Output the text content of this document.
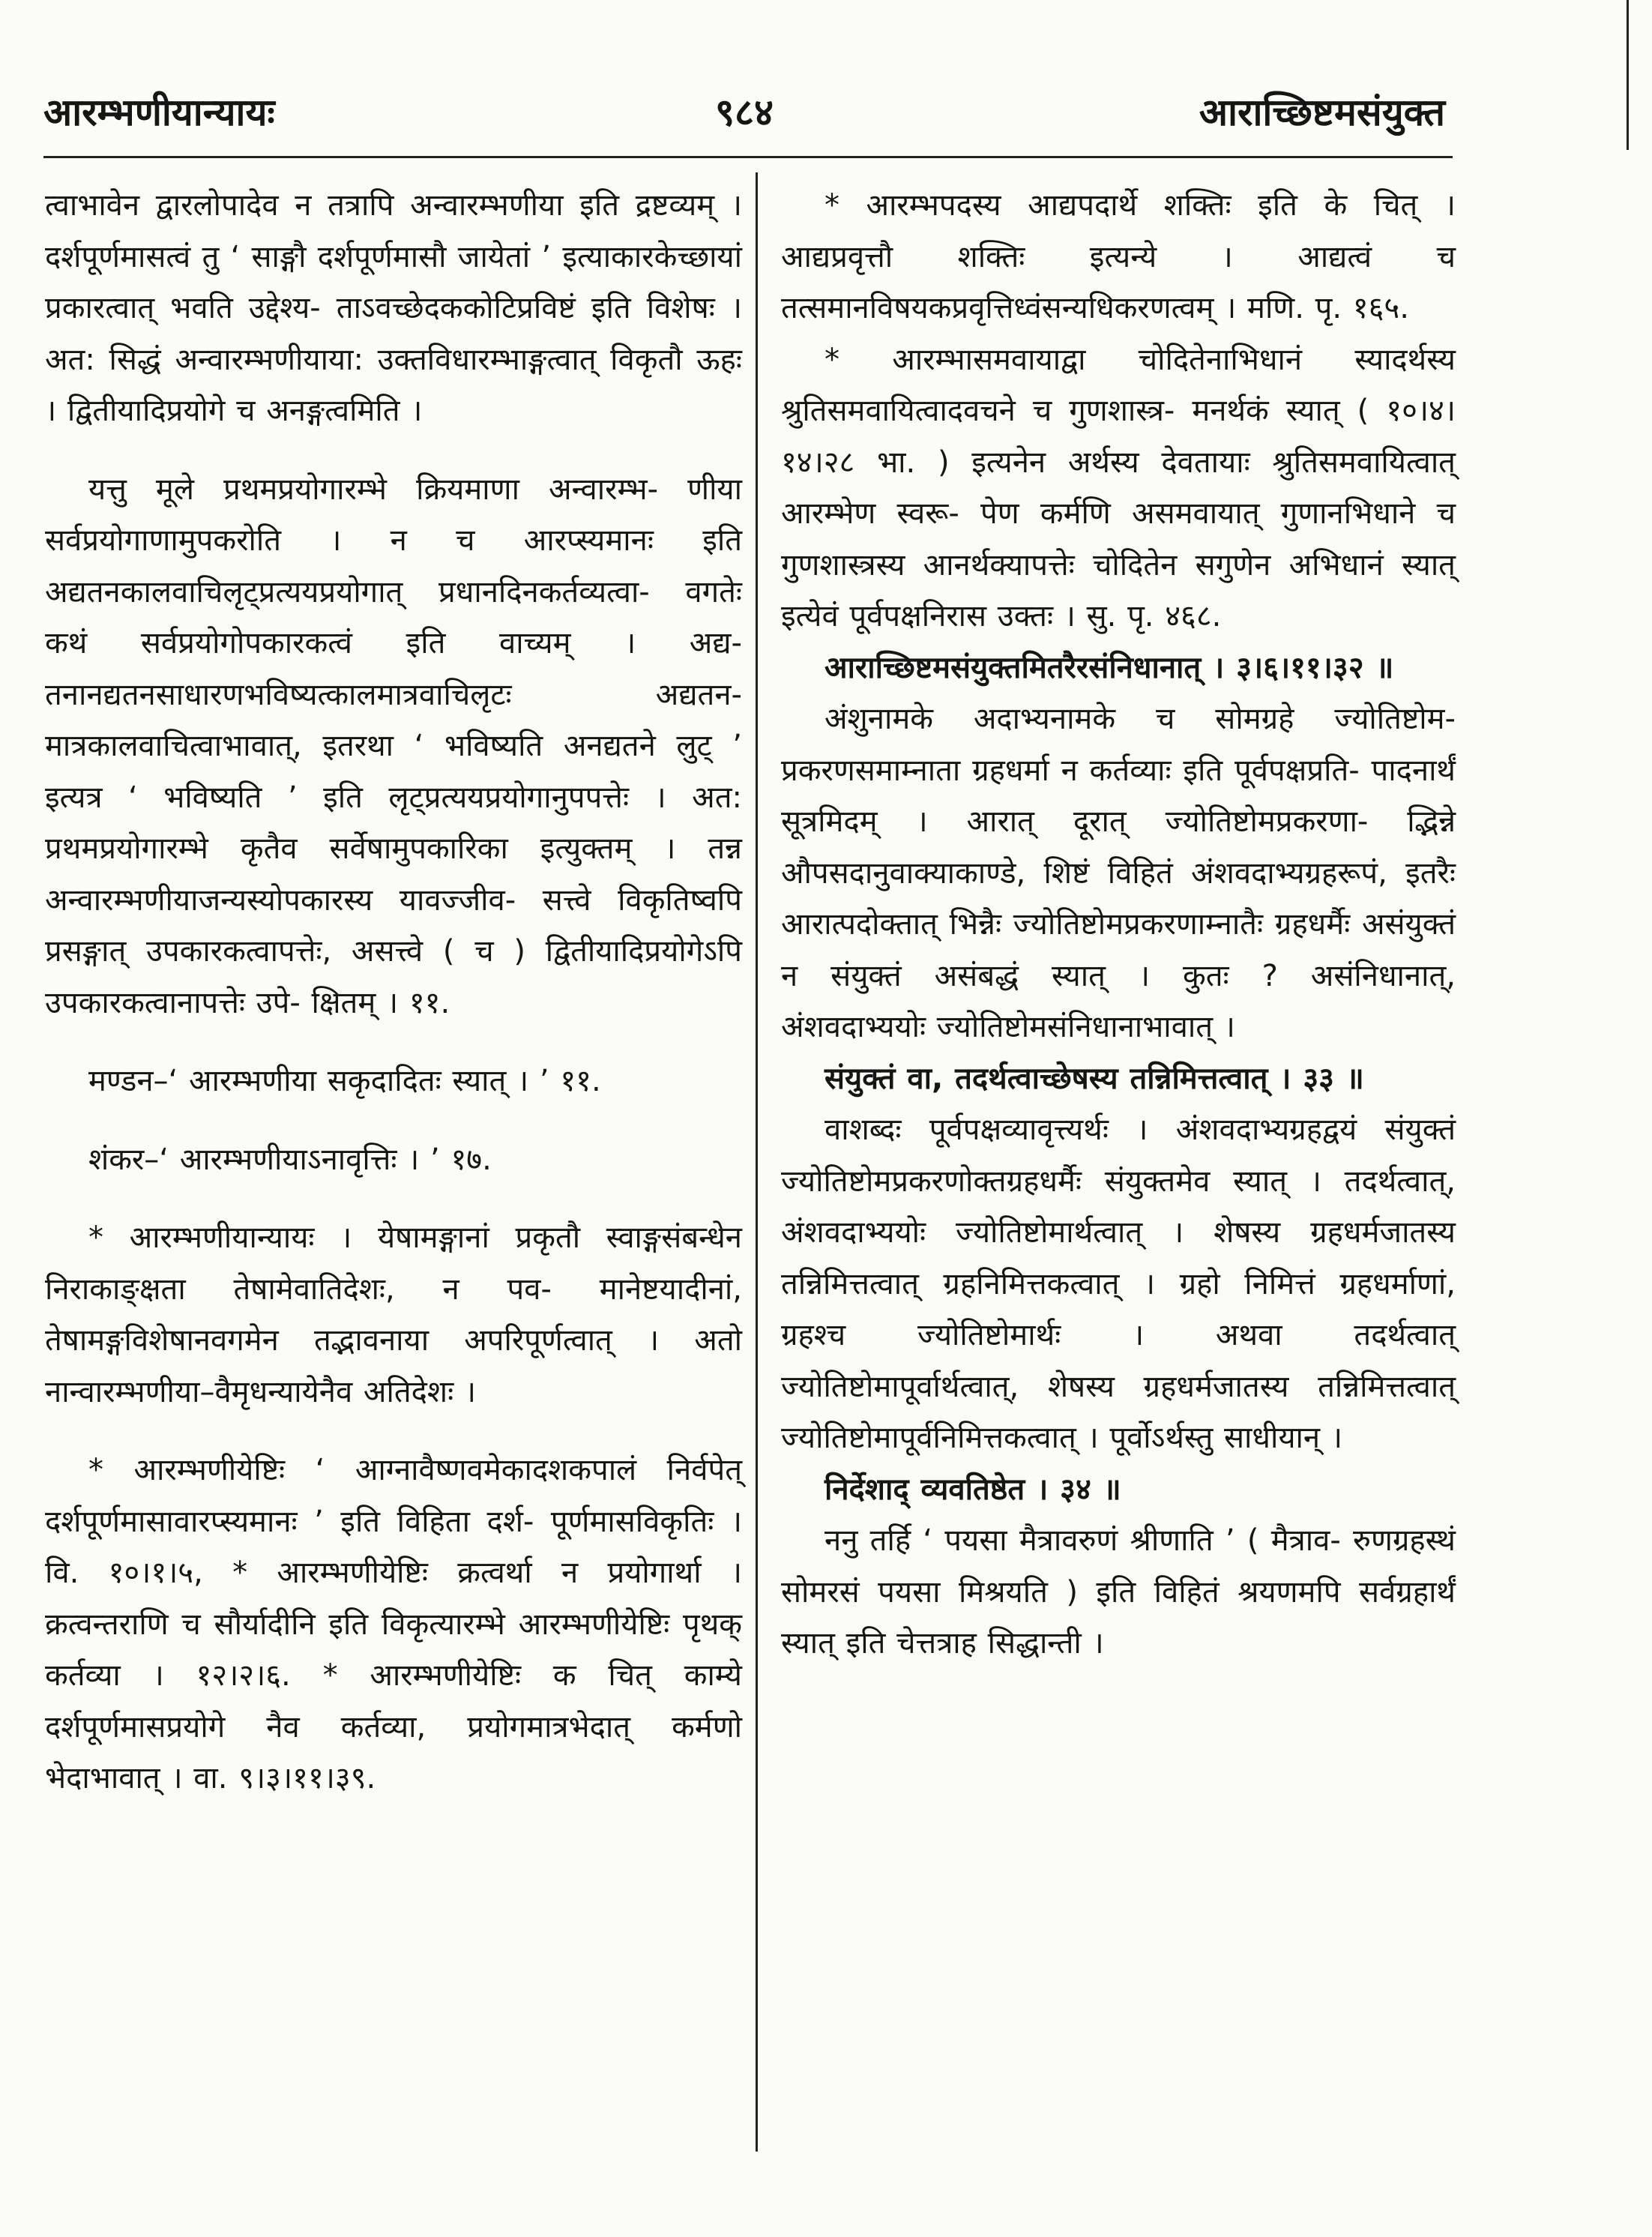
आरम्भणीयान्यायः	९८४	आराच्छिष्टमसंयुक्त

त्वाभावेन द्वारलोपादेव न तत्रापि अन्वारम्भणीया इति द्रष्टव्यम् । दर्शपूर्णमासत्वं तु ‘ साङ्गौ दर्शपूर्णमासौ जायेतां ’ इत्याकारकेच्छायां प्रकारत्वात् भवति उद्देश्य- ताऽवच्छेदककोटिप्रविष्टं इति विशेषः । अत: सिद्धं अन्वारम्भणीयाया: उक्तविधारम्भाङ्गत्वात् विकृतौ ऊहः । द्वितीयादिप्रयोगे च अनङ्गत्वमिति ।

यत्तु मूले प्रथमप्रयोगारम्भे क्रियमाणा अन्वारम्भ- णीया सर्वप्रयोगाणामुपकरोति । न च आरप्स्यमानः इति अद्यतनकालवाचिलृट्प्रत्ययप्रयोगात् प्रधानदिनकर्तव्यत्वा- वगतेः कथं सर्वप्रयोगोपकारकत्वं इति वाच्यम् । अद्य- तनानद्यतनसाधारणभविष्यत्कालमात्रवाचिलृटः अद्यतन- मात्रकालवाचित्वाभावात्, इतरथा ‘ भविष्यति अनद्यतने लुट् ’ इत्यत्र ‘ भविष्यति ’ इति लृट्प्रत्ययप्रयोगानुपपत्तेः । अत: प्रथमप्रयोगारम्भे कृतैव सर्वेषामुपकारिका इत्युक्तम् । तन्न अन्वारम्भणीयाजन्यस्योपकारस्य यावज्जीव- सत्त्वे विकृतिष्वपि प्रसङ्गात् उपकारकत्वापत्तेः, असत्त्वे ( च ) द्वितीयादिप्रयोगेऽपि उपकारकत्वानापत्तेः उपे- क्षितम् । ११.

मण्डन–‘ आरम्भणीया सकृदादितः स्यात् । ’ ११.

शंकर–‘ आरम्भणीयाऽनावृत्तिः । ’ १७.

* आरम्भणीयान्यायः । येषामङ्गानां प्रकृतौ स्वाङ्गसंबन्धेन निराकाङ्क्षता तेषामेवातिदेशः, न पव- मानेष्टयादीनां, तेषामङ्गविशेषानवगमेन तद्भावनाया अपरिपूर्णत्वात् । अतो नान्वारम्भणीया–वैमृधन्यायेनैव अतिदेशः ।

* आरम्भणीयेष्टिः ‘ आग्नावैष्णवमेकादशकपालं निर्वपेत् दर्शपूर्णमासावारप्स्यमानः ’ इति विहिता दर्श- पूर्णमासविकृतिः । वि. १०।१।५, * आरम्भणीयेष्टिः क्रत्वर्था न प्रयोगार्था । क्रत्वन्तराणि च सौर्यादीनि इति विकृत्यारम्भे आरम्भणीयेष्टिः पृथक् कर्तव्या । १२।२।६. * आरम्भणीयेष्टिः क चित् काम्ये दर्शपूर्णमासप्रयोगे नैव कर्तव्या, प्रयोगमात्रभेदात् कर्मणो भेदाभावात् । वा. ९।३।११।३९.

* आरम्भपदस्य आद्यपदार्थे शक्तिः इति के चित् । आद्यप्रवृत्तौ शक्तिः इत्यन्ये । आद्यत्वं च तत्समानविषयकप्रवृत्तिध्वंसन्यधिकरणत्वम् । मणि. पृ. १६५.

* आरम्भासमवायाद्वा चोदितेनाभिधानं स्यादर्थस्य श्रुतिसमवायित्वादवचने च गुणशास्त्र- मनर्थकं स्यात् ( १०।४।१४।२८ भा. ) इत्यनेन अर्थस्य देवतायाः श्रुतिसमवायित्वात् आरम्भेण स्वरू- पेण कर्मणि असमवायात् गुणानभिधाने च गुणशास्त्रस्य आनर्थक्यापत्तेः चोदितेन सगुणेन अभिधानं स्यात् इत्येवं पूर्वपक्षनिरास उक्तः । सु. पृ. ४६८.

आराच्छिष्टमसंयुक्तमितरैरसंनिधानात् । ३।६।११।३२ ॥

अंशुनामके अदाभ्यनामके च सोमग्रहे ज्योतिष्टोम- प्रकरणसमाम्नाता ग्रहधर्मा न कर्तव्याः इति पूर्वपक्षप्रति- पादनार्थं सूत्रमिदम् । आरात् दूरात् ज्योतिष्टोमप्रकरणा- द्भिन्ने औपसदानुवाक्याकाण्डे, शिष्टं विहितं अंशवदाभ्यग्रहरूपं, इतरैः आरात्पदोक्तात् भिन्नैः ज्योतिष्टोमप्रकरणाम्नातैः ग्रहधर्मैः असंयुक्तं न संयुक्तं असंबद्धं स्यात् । कुतः ? असंनिधानात्, अंशवदाभ्ययोः ज्योतिष्टोमसंनिधानाभावात् ।

संयुक्तं वा, तदर्थत्वाच्छेषस्य तन्निमित्तत्वात् । ३३ ॥

वाशब्दः पूर्वपक्षव्यावृत्त्यर्थः । अंशवदाभ्यग्रहद्वयं संयुक्तं ज्योतिष्टोमप्रकरणोक्तग्रहधर्मैः संयुक्तमेव स्यात् । तदर्थत्वात्, अंशवदाभ्ययोः ज्योतिष्टोमार्थत्वात् । शेषस्य ग्रहधर्मजातस्य तन्निमित्तत्वात् ग्रहनिमित्तकत्वात् । ग्रहो निमित्तं ग्रहधर्माणां, ग्रहश्च ज्योतिष्टोमार्थः । अथवा तदर्थत्वात् ज्योतिष्टोमापूर्वार्थत्वात्, शेषस्य ग्रहधर्मजातस्य तन्निमित्तत्वात् ज्योतिष्टोमापूर्वनिमित्तकत्वात् । पूर्वोऽर्थस्तु साधीयान् ।

निर्देशाद् व्यवतिष्ठेत । ३४ ॥

ननु तर्हि ‘ पयसा मैत्रावरुणं श्रीणाति ’ ( मैत्राव- रुणग्रहस्थं सोमरसं पयसा मिश्रयति ) इति विहितं श्रयणमपि सर्वग्रहार्थं स्यात् इति चेत्तत्राह सिद्धान्ती ।
